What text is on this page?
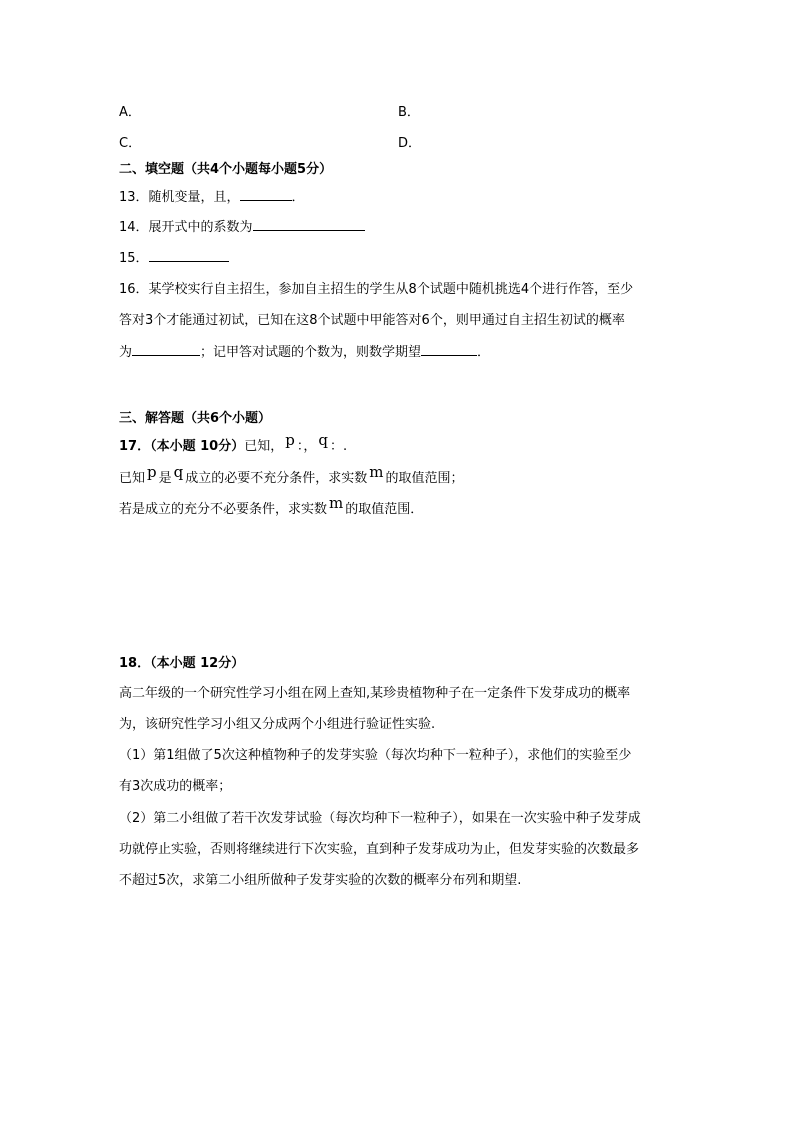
A．	B．
C．	D．
二、填空题（共4个小题每小题5分）
13．随机变量，且，	．
14．展开式中的系数为
15．
16．某学校实行自主招生，参加自主招生的学生从8个试题中随机挑选4个进行作答，至少
答对3个才能通过初试，已知在这8个试题中甲能答对6个，则甲通过自主招生初试的概率
为	；记甲答对试题的个数为，则数学期望	．
三、解答题（共6个小题）
17．（本小题 10分）已知， p ：， q ：.
已知 p 是 q 成立的必要不充分条件，求实数 m 的取值范围；
若是成立的充分不必要条件，求实数 m 的取值范围．
18．（本小题 12分）
高二年级的一个研究性学习小组在网上查知,某珍贵植物种子在一定条件下发芽成功的概率
为，该研究性学习小组又分成两个小组进行验证性实验.
（1）第1组做了5次这种植物种子的发芽实验（每次均种下一粒种子），求他们的实验至少
有3次成功的概率；
（2）第二小组做了若干次发芽试验（每次均种下一粒种子），如果在一次实验中种子发芽成
功就停止实验，否则将继续进行下次实验，直到种子发芽成功为止，但发芽实验的次数最多
不超过5次，求第二小组所做种子发芽实验的次数的概率分布列和期望.
